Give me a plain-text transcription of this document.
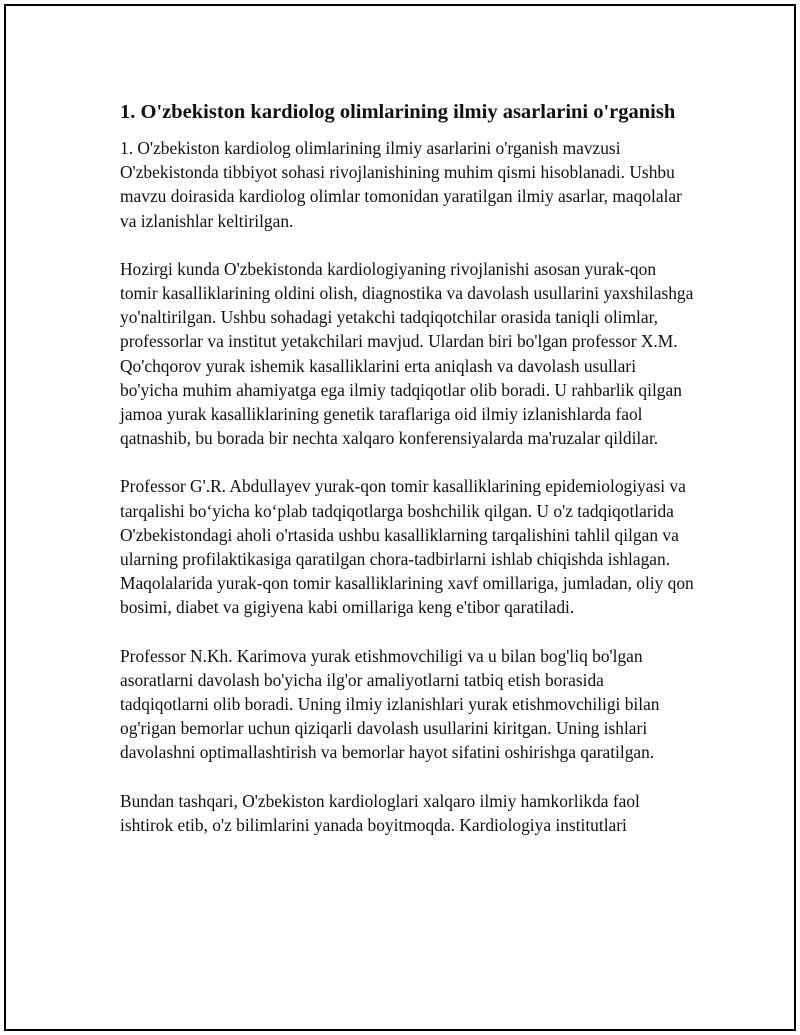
1. O'zbekiston kardiolog olimlarining ilmiy asarlarini o'rganish

1. O'zbekiston kardiolog olimlarining ilmiy asarlarini o'rganish mavzusi O'zbekistonda tibbiyot sohasi rivojlanishining muhim qismi hisoblanadi. Ushbu mavzu doirasida kardiolog olimlar tomonidan yaratilgan ilmiy asarlar, maqolalar va izlanishlar keltirilgan.

Hozirgi kunda O'zbekistonda kardiologiyaning rivojlanishi asosan yurak-qon tomir kasalliklarining oldini olish, diagnostika va davolash usullarini yaxshilashga yo'naltirilgan. Ushbu sohadagi yetakchi tadqiqotchilar orasida taniqli olimlar, professorlar va institut yetakchilari mavjud. Ulardan biri bo'lgan professor X.M. Qo'chqorov yurak ishemik kasalliklarini erta aniqlash va davolash usullari bo'yicha muhim ahamiyatga ega ilmiy tadqiqotlar olib boradi. U rahbarlik qilgan jamoa yurak kasalliklarining genetik taraflariga oid ilmiy izlanishlarda faol qatnashib, bu borada bir nechta xalqaro konferensiyalarda ma'ruzalar qildilar.

Professor G'.R. Abdullayev yurak-qon tomir kasalliklarining epidemiologiyasi va tarqalishi bo‘yicha ko‘plab tadqiqotlarga boshchilik qilgan. U o'z tadqiqotlarida O'zbekistondagi aholi o'rtasida ushbu kasalliklarning tarqalishini tahlil qilgan va ularning profilaktikasiga qaratilgan chora-tadbirlarni ishlab chiqishda ishlagan. Maqolalarida yurak-qon tomir kasalliklarining xavf omillariga, jumladan, oliy qon bosimi, diabet va gigiyena kabi omillariga keng e'tibor qaratiladi.

Professor N.Kh. Karimova yurak etishmovchiligi va u bilan bog'liq bo'lgan asoratlarni davolash bo'yicha ilg'or amaliyotlarni tatbiq etish borasida tadqiqotlarni olib boradi. Uning ilmiy izlanishlari yurak etishmovchiligi bilan og'rigan bemorlar uchun qiziqarli davolash usullarini kiritgan. Uning ishlari davolashni optimallashtirish va bemorlar hayot sifatini oshirishga qaratilgan.

Bundan tashqari, O'zbekiston kardiologlari xalqaro ilmiy hamkorlikda faol ishtirok etib, o'z bilimlarini yanada boyitmoqda. Kardiologiya institutlari
